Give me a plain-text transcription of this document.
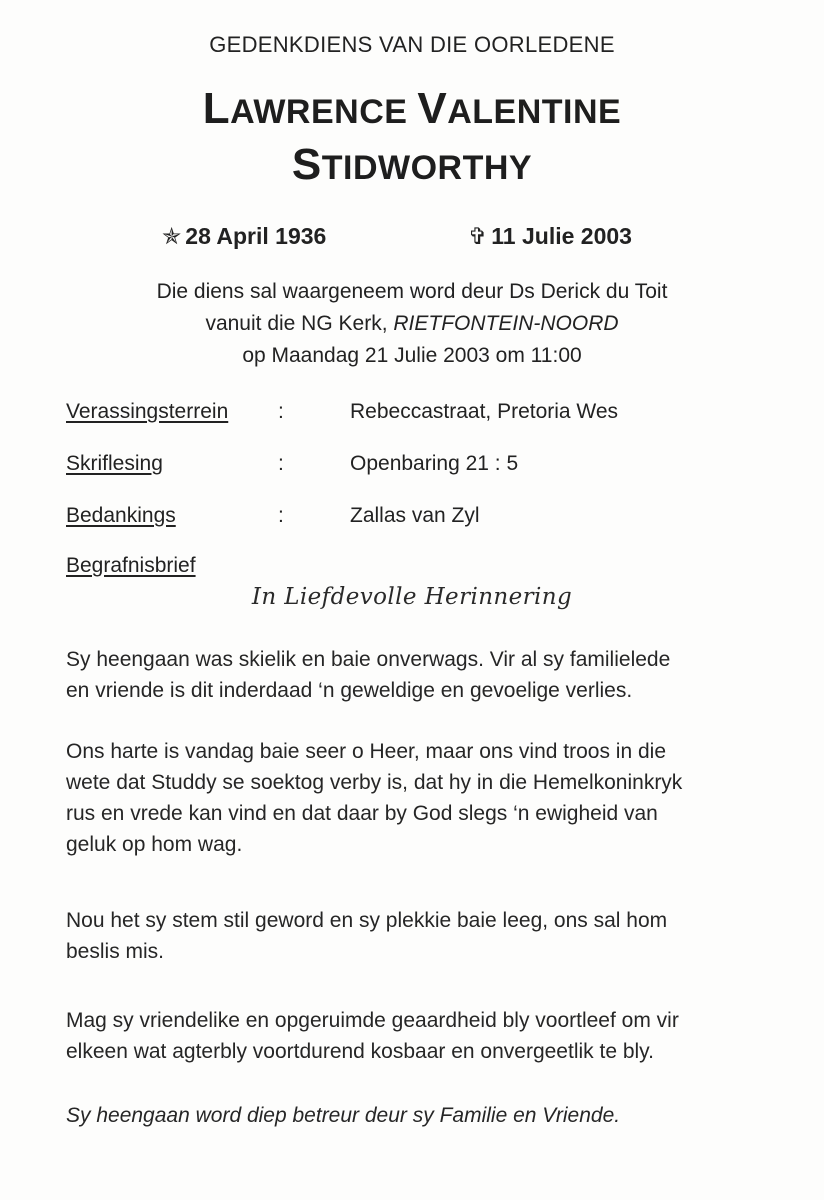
GEDENKDIENS VAN DIE OORLEDENE
LAWRENCE VALENTINE
STIDWORTHY
✯ 28 April 1936	✞ 11 Julie 2003
Die diens sal waargeneem word deur Ds Derick du Toit
vanuit die NG Kerk, RIETFONTEIN-NOORD
op Maandag 21 Julie 2003 om 11:00
Verassingsterrein :	Rebeccastraat, Pretoria Wes
Skriflesing	:	Openbaring 21 : 5
Bedankings	:	Zallas van Zyl
Begrafnisbrief
In Liefdevolle Herinnering
Sy heengaan was skielik en baie onverwags. Vir al sy familielede
en vriende is dit inderdaad ‘n geweldige en gevoelige verlies.
Ons harte is vandag baie seer o Heer, maar ons vind troos in die
wete dat Studdy se soektog verby is, dat hy in die Hemelkoninkryk
rus en vrede kan vind en dat daar by God slegs ‘n ewigheid van
geluk op hom wag.
Nou het sy stem stil geword en sy plekkie baie leeg, ons sal hom
beslis mis.
Mag sy vriendelike en opgeruimde geaardheid bly voortleef om vir
elkeen wat agterbly voortdurend kosbaar en onvergeetlik te bly.
Sy heengaan word diep betreur deur sy Familie en Vriende.
